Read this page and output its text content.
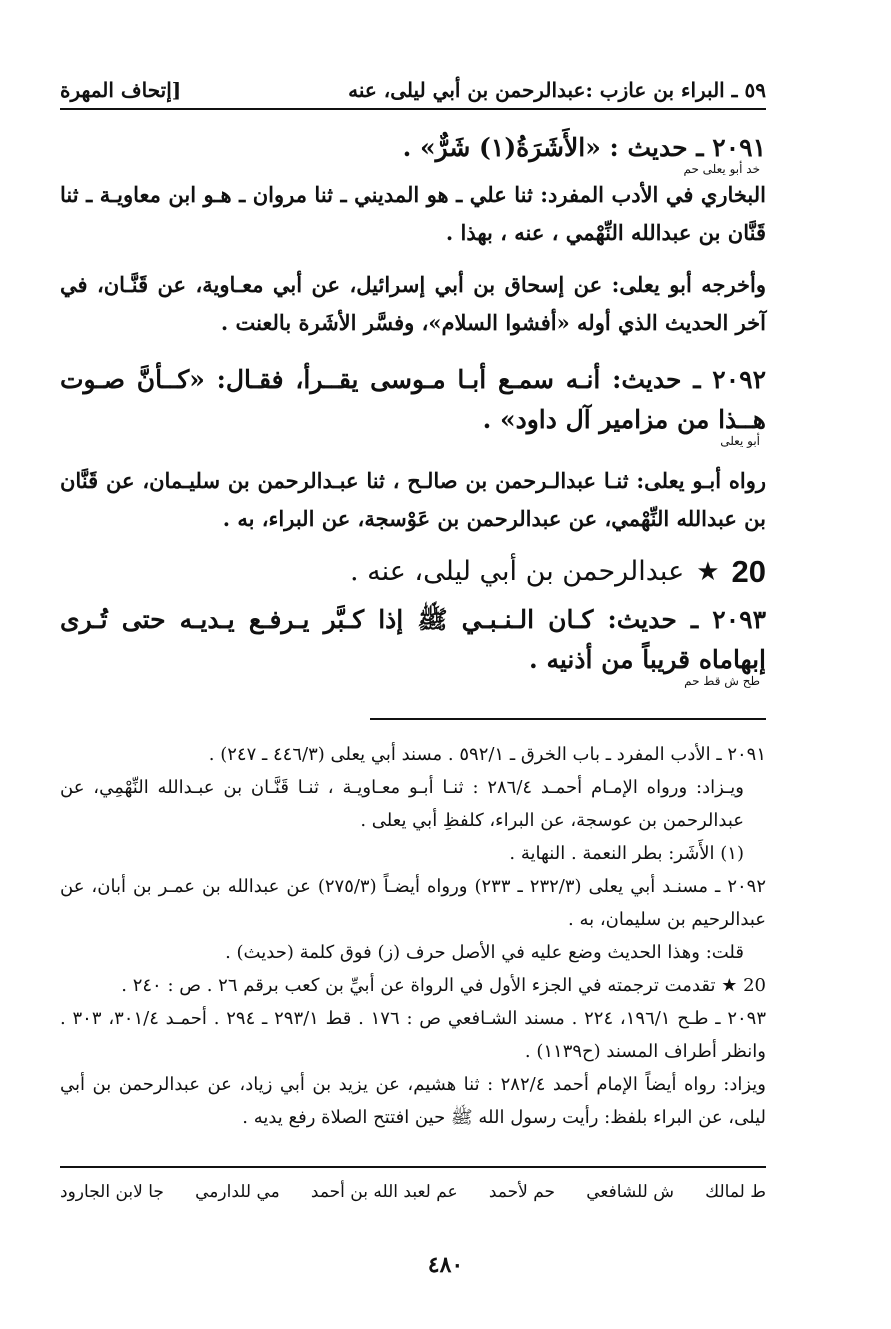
٥٩ ـ البراء بن عازب :عبدالرحمن بن أبي ليلى، عنه
[إتحاف المهرة
٢٠٩١ ـ حديث : «الأَشَرَةُ(١) شَرٌّ» .
خد أبو يعلى حم
البخاري في الأدب المفرد: ثنا علي ـ هو المديني ـ ثنا مروان ـ هـو ابن معاويـة ـ ثنا قَنَّان بن عبدالله النِّهْمي ، عنه ، بهذا .
وأخرجه أبو يعلى: عن إسحاق بن أبي إسرائيل، عن أبي معـاوية، عن قَنَّـان، في آخر الحديث الذي أوله «أفشوا السلام»، وفسَّر الأشَرة بالعنت .
٢٠٩٢ ـ حديث: أنـه سمـع أبـا مـوسى يقــرأ، فقـال: «كــأنَّ صـوت هــذا من مزامير آل داود» .
أبو يعلى
رواه أبـو يعلى: ثنـا عبدالـرحمن بن صالـح ، ثنا عبـدالرحمن بن سليـمان، عن قَنَّان بن عبدالله النِّهْمي، عن عبدالرحمن بن عَوْسجة، عن البراء، به .
20
★
عبدالرحمن بن أبي ليلى، عنه .
٢٠٩٣ ـ حديث: كـان الـنـبـي ﷺ إذا كـبَّر يـرفـع يـديـه حتى تُـرى إبهاماه قريباً من أذنيه .
طح ش قط حم

٢٠٩١ ـ الأدب المفرد ـ باب الخرق ـ ٥٩٢/١ . مسند أبي يعلى (٤٤٦/٣ ـ ٢٤٧) .

ويـزاد: ورواه الإمـام أحمـد ٢٨٦/٤ : ثنـا أبـو معـاويـة ، ثنـا قَنَّـان بن عبـدالله النِّهْمِي، عن عبدالرحمن بن عوسجة، عن البراء، كلفظِ أبي يعلى .

(١) الأَشَر: بطر النعمة . النهاية .

٢٠٩٢ ـ مسنـد أبي يعلى (٢٣٢/٣ ـ ٢٣٣) ورواه أيضـاً (٢٧٥/٣) عن عبدالله بن عمـر بن أبان، عن عبدالرحيم بن سليمان، به .

قلت: وهذا الحديث وضع عليه في الأصل حرف (ز) فوق كلمة (حديث) .

20 ★ تقدمت ترجمته في الجزء الأول في الرواة عن أبيِّ بن كعب برقم ٢٦ . ص : ٢٤٠ .

٢٠٩٣ ـ طـح ١٩٦/١، ٢٢٤ . مسند الشـافعي ص : ١٧٦ . قط ٢٩٣/١ ـ ٢٩٤ . أحمـد ٣٠١/٤، ٣٠٣ . وانظر أطراف المسند (ح١١٣٩) .

ويزاد: رواه أيضاً الإمام أحمد ٢٨٢/٤ : ثنا هشيم، عن يزيد بن أبي زياد، عن عبدالرحمن بن أبي ليلى، عن البراء بلفظ: رأيت رسول الله ﷺ حين افتتح الصلاة رفع يديه .

ط لمالك
ش للشافعي
حم لأحمد
عم لعبد الله بن أحمد
مي للدارمي
جا لابن الجارود
٤٨٠
